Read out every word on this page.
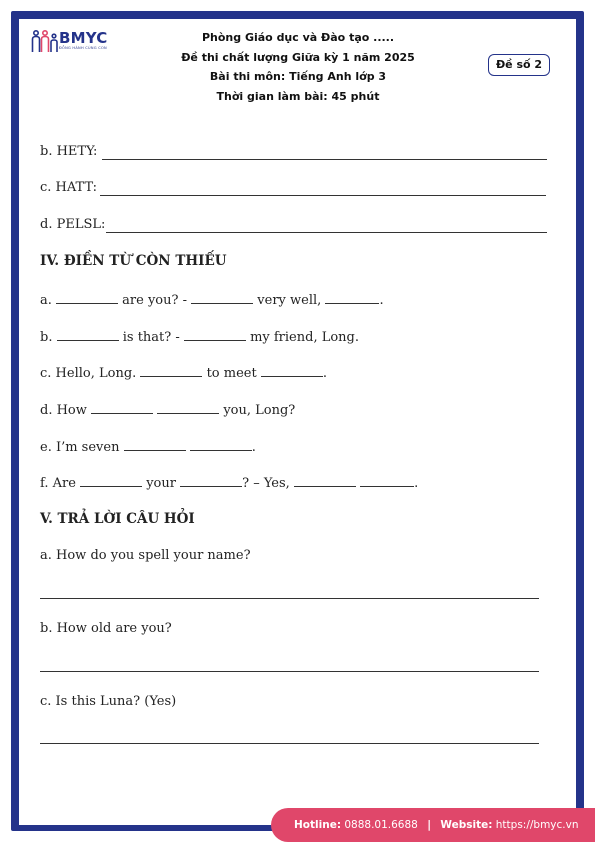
BMYC
ĐỒNG HÀNH CÙNG CON
Phòng Giáo dục và Đào tạo .....
Đề thi chất lượng Giữa kỳ 1 năm 2025
Bài thi môn: Tiếng Anh lớp 3
Thời gian làm bài: 45 phút
Đề số 2
b. HETY:
c. HATT:
d. PELSL:
IV. ĐIỀN TỪ CÒN THIẾU
a.	are you? -	very well,	.
b.	is that? -	my friend, Long.
c. Hello, Long.	to meet	.
d. How	you, Long?
e. I’m seven	.
f. Are	your	? – Yes,	.
V. TRẢ LỜI CÂU HỎI
a. How do you spell your name?
b. How old are you?
c. Is this Luna? (Yes)
Hotline: 0888.01.6688 | Website: https://bmyc.vn
